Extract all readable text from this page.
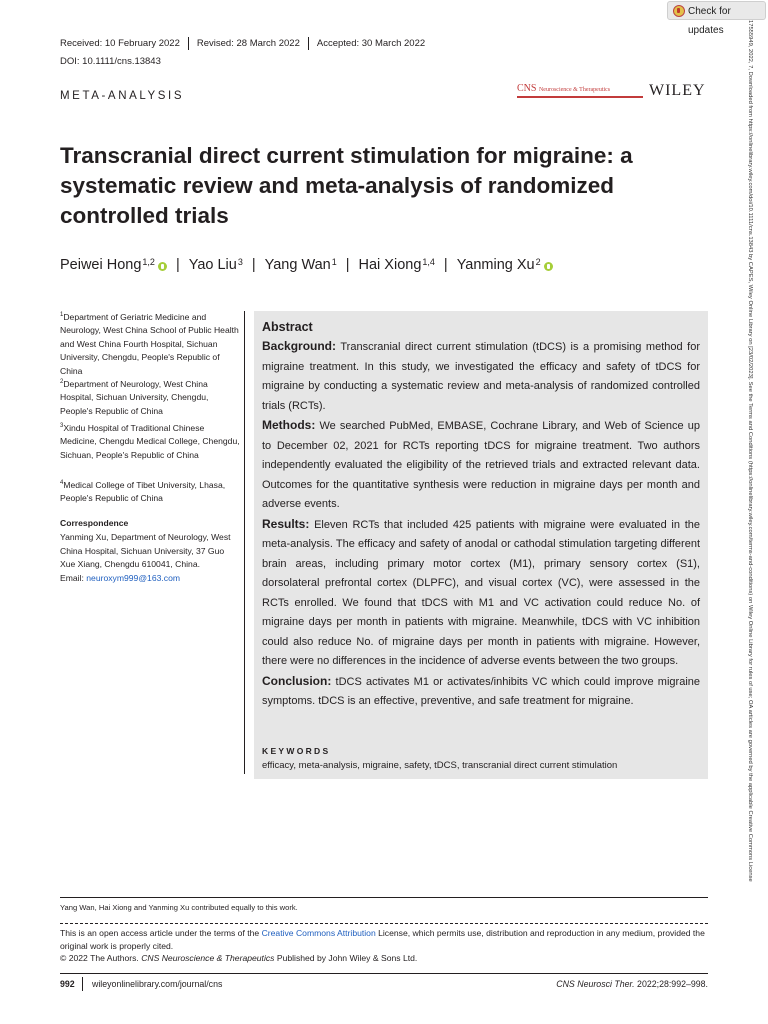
Check for updates
Received: 10 February 2022	Revised: 28 March 2022	Accepted: 30 March 2022
DOI: 10.1111/cns.13843
META-ANALYSIS
CNS Neuroscience & Therapeutics WILEY
Transcranial direct current stimulation for migraine: a systematic review and meta-analysis of randomized controlled trials
Peiwei Hong$^{1,2}$ | Yao Liu$^3$ | Yang Wan$^1$ | Hai Xiong$^{1,4}$ | Yanming Xu$^2$
$^1$Department of Geriatric Medicine and Neurology, West China School of Public Health and West China Fourth Hospital, Sichuan University, Chengdu, People's Republic of China
$^2$Department of Neurology, West China Hospital, Sichuan University, Chengdu, People's Republic of China
$^3$Xindu Hospital of Traditional Chinese Medicine, Chengdu Medical College, Chengdu, Sichuan, People's Republic of China
$^4$Medical College of Tibet University, Lhasa, People's Republic of China
Correspondence
Yanming Xu, Department of Neurology, West China Hospital, Sichuan University, 37 Guo Xue Xiang, Chengdu 610041, China.
Email: neuroxym999@163.com
Abstract

Background: Transcranial direct current stimulation (tDCS) is a promising method for migraine treatment. In this study, we investigated the efficacy and safety of tDCS for migraine by conducting a systematic review and meta-analysis of randomized controlled trials (RCTs).

Methods: We searched PubMed, EMBASE, Cochrane Library, and Web of Science up to December 02, 2021 for RCTs reporting tDCS for migraine treatment. Two authors independently evaluated the eligibility of the retrieved trials and extracted relevant data. Outcomes for the quantitative synthesis were reduction in migraine days per month and adverse events.

Results: Eleven RCTs that included 425 patients with migraine were evaluated in the meta-analysis. The efficacy and safety of anodal or cathodal stimulation targeting different brain areas, including primary motor cortex (M1), primary sensory cortex (S1), dorsolateral prefrontal cortex (DLPFC), and visual cortex (VC), were assessed in the RCTs enrolled. We found that tDCS with M1 and VC activation could reduce No. of migraine days per month in patients with migraine. Meanwhile, tDCS with VC inhibition could also reduce No. of migraine days per month in patients with migraine. However, there were no differences in the incidence of adverse events between the two groups.

Conclusion: tDCS activates M1 or activates/inhibits VC which could improve migraine symptoms. tDCS is an effective, preventive, and safe treatment for migraine.

KEYWORDS
efficacy, meta-analysis, migraine, safety, tDCS, transcranial direct current stimulation	17555949, 2022, 7, Downloaded from https://onlinelibrary.wiley.com/doi/10.1111/cns.13843 by CAPES, Wiley Online Library on [23/02/2023]. See the Terms and Conditions (https://onlinelibrary.wiley.com/terms-and-conditions) on Wiley Online Library for rules of use; OA articles are governed by the applicable Creative Commons License
Yang Wan, Hai Xiong and Yanming Xu contributed equally to this work.
This is an open access article under the terms of the Creative Commons Attribution License, which permits use, distribution and reproduction in any medium, provided the original work is properly cited.
© 2022 The Authors. CNS Neuroscience & Therapeutics Published by John Wiley & Sons Ltd.
992 wileyonlinelibrary.com/journal/cns	CNS Neurosci Ther. 2022;28:992–998.
